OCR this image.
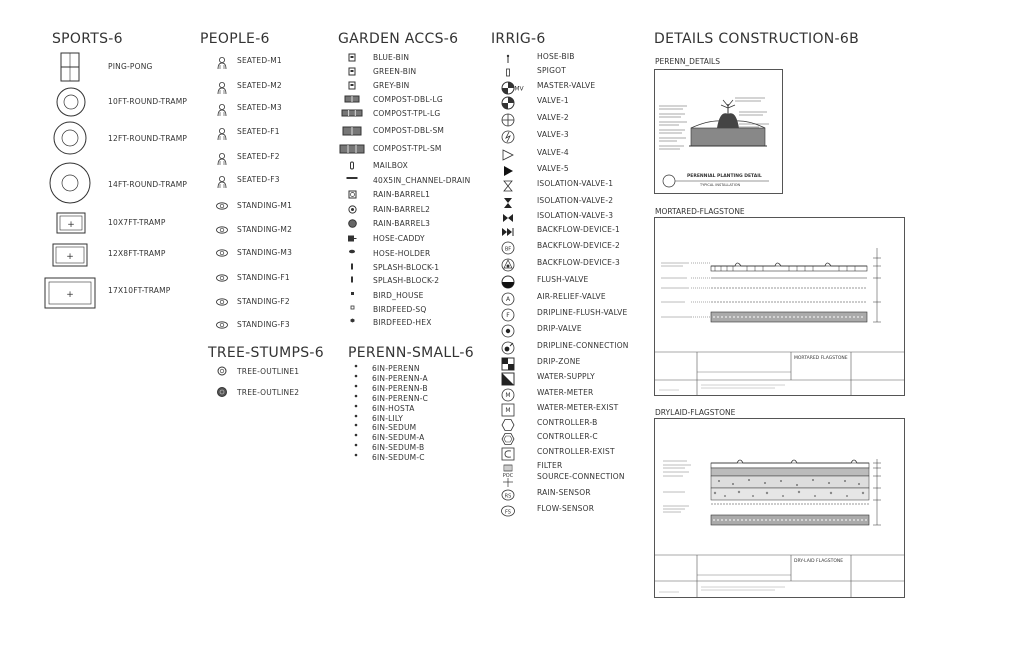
SPORTS-6
PING-PONG
10FT-ROUND-TRAMP
12FT-ROUND-TRAMP
14FT-ROUND-TRAMP
+	10X7FT-TRAMP
+	12X8FT-TRAMP
+	17X10FT-TRAMP
PEOPLE-6
SEATED-M1
SEATED-M2
SEATED-M3
SEATED-F1
SEATED-F2
SEATED-F3
STANDING-M1
STANDING-M2
STANDING-M3
STANDING-F1
STANDING-F2
STANDING-F3
TREE-STUMPS-6
TREE-OUTLINE1
TREE-OUTLINE2
GARDEN ACCS-6
BLUE-BIN
GREEN-BIN
GREY-BIN
COMPOST-DBL-LG
COMPOST-TPL-LG
COMPOST-DBL-SM
COMPOST-TPL-SM
MAILBOX
40X5IN_CHANNEL-DRAIN
RAIN-BARREL1
RAIN-BARREL2
RAIN-BARREL3
HOSE-CADDY
HOSE-HOLDER
SPLASH-BLOCK-1
SPLASH-BLOCK-2
BIRD_HOUSE
BIRDFEED-SQ
BIRDFEED-HEX
PERENN-SMALL-6
6IN-PERENN
6IN-PERENN-A
6IN-PERENN-B
6IN-PERENN-C
6IN-HOSTA
6IN-LILY
6IN-SEDUM
6IN-SEDUM-A
6IN-SEDUM-B
6IN-SEDUM-C
IRRIG-6
HOSE-BIB
SPIGOT
MV MASTER-VALVE
VALVE-1
VALVE-2
VALVE-3
VALVE-4
VALVE-5
ISOLATION-VALVE-1
ISOLATION-VALVE-2
ISOLATION-VALVE-3
BACKFLOW-DEVICE-1
BF	BACKFLOW-DEVICE-2
BACKFLOW-DEVICE-3
FLUSH-VALVE
A	AIR-RELIEF-VALVE
F	DRIPLINE-FLUSH-VALVE
DRIP-VALVE
DRIPLINE-CONNECTION
DRIP-ZONE
WATER-SUPPLY
M	WATER-METER
M	WATER-METER-EXIST
CONTROLLER-B
CONTROLLER-C
CONTROLLER-EXIST
FILTER
POC	SOURCE-CONNECTION
RS	RAIN-SENSOR
FS	FLOW-SENSOR
DETAILS CONSTRUCTION-6B
PERENN_DETAILS
PERENNIAL PLANTING DETAIL
TYPICAL INSTALLATION
MORTARED-FLAGSTONE
MORTARED FLAGSTONE
DRYLAID-FLAGSTONE
DRY-LAID FLAGSTONE
